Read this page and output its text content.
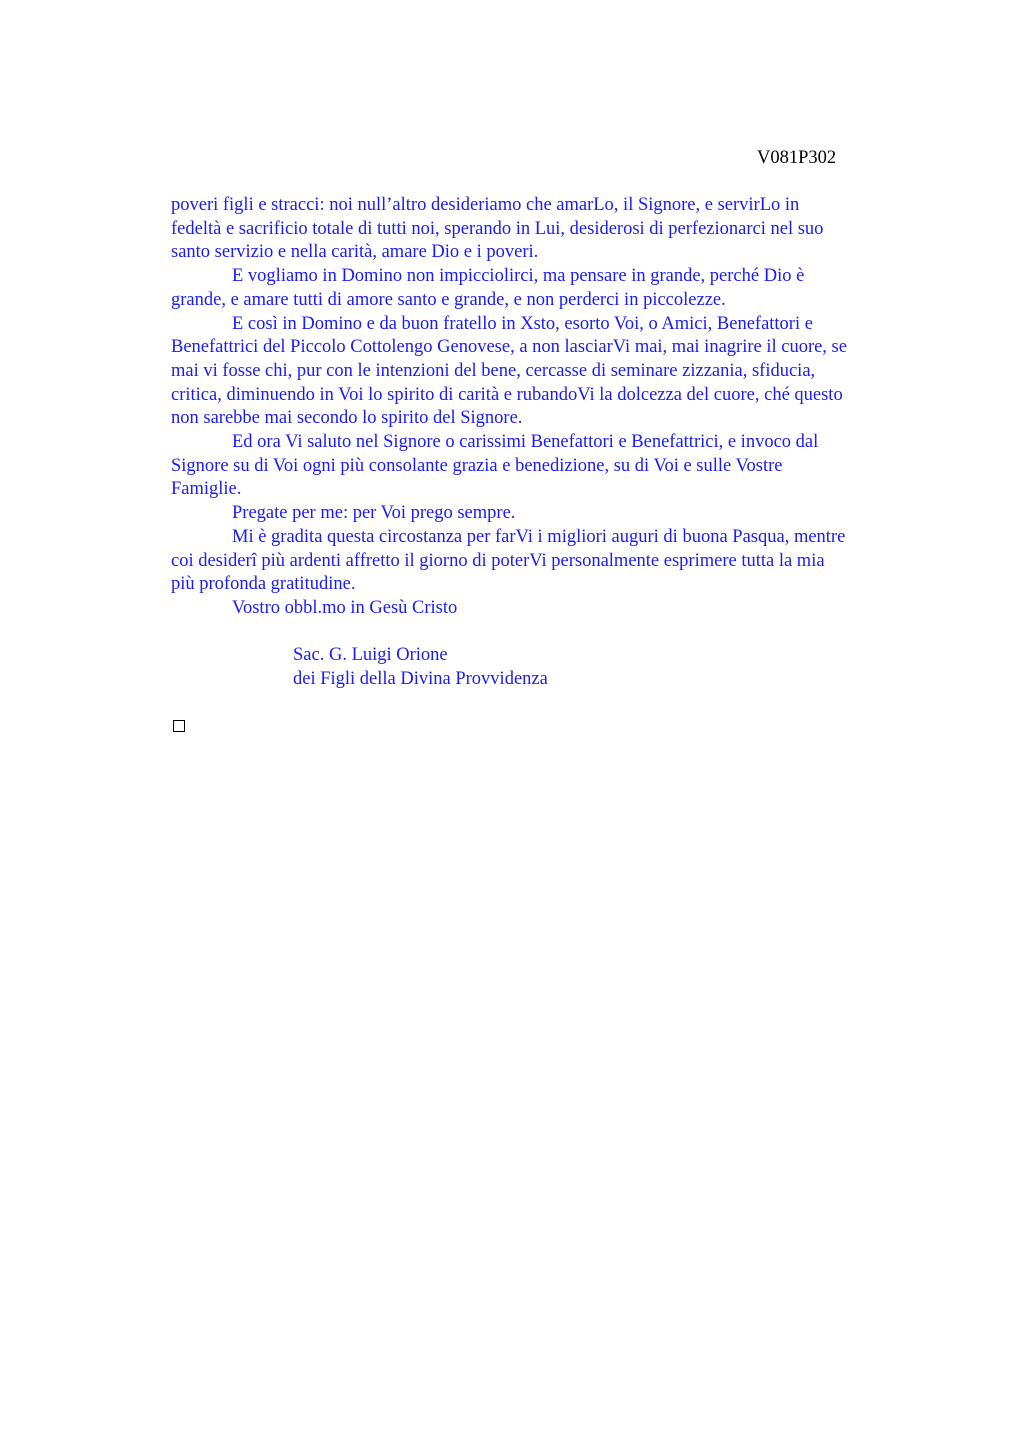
V081P302

poveri figli e stracci: noi null’altro desideriamo che amarLo, il Signore, e servirLo in
fedeltà e sacrificio totale di tutti noi, sperando in Lui, desiderosi di perfezionarci nel suo
santo servizio e nella carità, amare Dio e i poveri.

E vogliamo in Domino non impicciolirci, ma pensare in grande, perché Dio è
grande, e amare tutti di amore santo e grande, e non perderci in piccolezze.

E così in Domino e da buon fratello in Xsto, esorto Voi, o Amici, Benefattori e
Benefattrici del Piccolo Cottolengo Genovese, a non lasciarVi mai, mai inagrire il cuore, se
mai vi fosse chi, pur con le intenzioni del bene, cercasse di seminare zizzania, sfiducia,
critica, diminuendo in Voi lo spirito di carità e rubandoVi la dolcezza del cuore, ché questo
non sarebbe mai secondo lo spirito del Signore.

Ed ora Vi saluto nel Signore o carissimi Benefattori e Benefattrici, e invoco dal
Signore su di Voi ogni più consolante grazia e benedizione, su di Voi e sulle Vostre
Famiglie.

Pregate per me: per Voi prego sempre.

Mi è gradita questa circostanza per farVi i migliori auguri di buona Pasqua, mentre
coi desiderî più ardenti affretto il giorno di poterVi personalmente esprimere tutta la mia
più profonda gratitudine.

Vostro obbl.mo in Gesù Cristo

Sac. G. Luigi Orione
dei Figli della Divina Provvidenza
